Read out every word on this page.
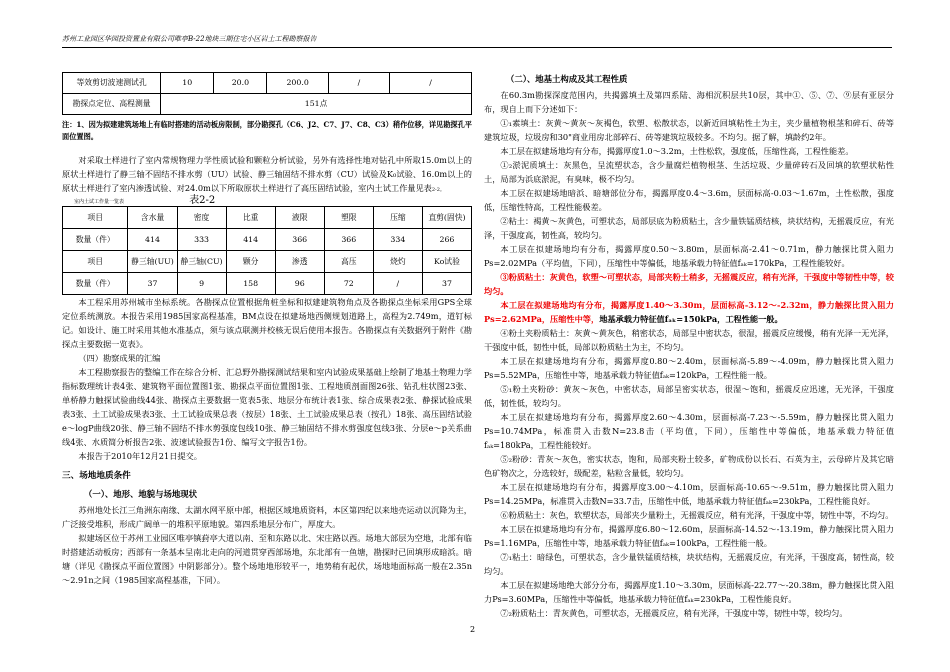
苏州工业园区华园投资置业有限公司唯亭B-22地块三期住宅小区岩土工程勘察报告
等效剪切波速测试孔	10	20.0	200.0	/	/
勘探点定位、高程测量	151点				

注：1、因为拟建建筑场地上有临时搭建的活动板房限制，部分勘探孔（C6、J2、C7、J7、C8、C3）稍作位移，详见勘探孔平面位置图。

对采取土样进行了室内常规物理力学性质试验和颗粒分析试验，另外有选择性地对钻孔中所取15.0m以上的原状土样进行了静三轴不固结不排水剪（UU）试验、静三轴固结不排水剪（CU）试验及K₀试验、16.0m以上的原状土样进行了室内渗透试验、对24.0m以下所取原状土样进行了高压固结试验，室内土试工作量见表2-2。

室内土试工作量一览表	表2-2
项目	含水量	密度	比重	液限	塑限	压缩	直剪(固快)
数量（件）	414	333	414	366	366	334	266
项目	静三轴(UU)	静三轴(CU)	颗分	渗透	高压	烧灼	Ko试验
数量（件）	37	9	158	96	72	/	37

本工程采用苏州城市坐标系统。各勘探点位置根据角桩坐标和拟建建筑物角点及各勘探点坐标采用GPS全球定位系统测放。本报告采用1985国家高程基准，BM点设在拟建场地西侧规划道路上，高程为2.749m，道钉标记。如设计、施工时采用其他水准基点，须与该点联测并校核无误后使用本报告。各勘探点有关数据列于附件《勘探点主要数据一览表》。

（四）勘察成果的汇编

本工程勘察报告的整编工作在综合分析、汇总野外勘探测试结果和室内试验成果基础上绘制了地基土物理力学指标数理统计表4张、建筑物平面位置图1张、勘探点平面位置图1张、工程地质剖面图26张、钻孔柱状图23张、单桥静力触探试验曲线44张、勘探点主要数据一览表5张、地层分布统计表1张、综合成果表2张、静探试验成果表3张、土工试验成果表3张、土工试验成果总表（按层）18张、土工试验成果总表（按孔）18张、高压固结试验e～logP曲线20张、静三轴不固结不排水剪强度包线10张、静三轴固结不排水剪强度包线3张、分层e～p关系曲线4张、水质简分析报告2张、波速试验报告1份、编写文字报告1份。

本报告于2010年12月21日提交。

三、场地地质条件
（一）、地形、地貌与场地现状

苏州地处长江三角洲东南缘、太湖水网平原中部，根据区域地质资料，本区第四纪以来地壳运动以沉降为主，广泛接受堆积，形成广阔单一的堆积平原地貌。第四系地层分布广，厚度大。

拟建场区位于苏州工业园区唯亭镇葑亭大道以南、至和东路以北、宋庄路以西。场地大部层为空地，北部有临时搭建活动板房；西部有一条基本呈南北走向的河道贯穿西部场地，东北部有一鱼塘，勘探时已回填形成暗浜。暗塘（详见《勘探点平面位置图》中阴影部分）。整个场地地形较平一，地势稍有起伏，场地地面标高一般在2.35n～2.91n之间（1985国家高程基准，下同）。

（二）、地基土构成及其工程性质

在60.3m勘探深度范围内，共揭露填土及第四系陆、海相沉积层共10层，其中①、⑤、⑦、⑨层有亚层分布，现自上而下分述如下：

①₁素填土：灰黄～黄灰～灰褐色，软塑、松散状态，以新近回填粘性土为主，夹少量植物根茎和碎石、砖等建筑垃圾，垃圾房和30"商业用房北部碎石、砖等建筑垃圾较多。不均匀。据了解，填龄约2年。

本工层在拟建场地均有分布，揭露厚度1.0～3.2m，土性松软，强度低，压缩性高，工程性能差。

①₂淤泥质填土：灰黑色，呈流塑状态，含少量腐烂植物根茎、生活垃圾、少量碎砖石及回填的软塑状粘性土，局部为浜底淤泥，有臭味，极不均匀。

本工层在拟建场地暗浜、暗塘部位分布，揭露厚度0.4～3.6m，层面标高-0.03～1.67m，土性松散，强度低，压缩性特高，工程性能极差。

②粘土：褐黄～灰黄色，可塑状态，局部层底为粉质粘土，含少量铁锰质结核，块状结构，无摇震反应，有光泽，干强度高，韧性高，较均匀。

本工层在拟建场地均有分布，揭露厚度0.50～3.80m，层面标高-2.41～0.71m，静力触探比贯入阻力Ps=2.02MPa（平均值，下同），压缩性中等偏低，地基承载力特征值fₐₖ=170kPa，工程性能较好。

③粉质粘土：灰黄色，软塑～可塑状态，局部夹粉土稍多，无摇震反应，稍有光泽，干强度中等韧性中等，较均匀。

本工层在拟建场地均有分布，揭露厚度1.40～3.30m，层面标高-3.12～-2.32m，静力触探比贯入阻力Ps=2.62MPa，压缩性中等，地基承载力特征值fₐₖ=150kPa，工程性能一般。

④粉土夹粉质粘土：灰黄～黄灰色，稍密状态，局部呈中密状态，很湿，摇震反应缓慢，稍有光泽一无光泽，干强度中低，韧性中低，局部以粉质粘土为主，不均匀。

本工层在拟建场地均有分布，揭露厚度0.80～2.40m，层面标高-5.89～-4.09m，静力触探比贯入阻力Ps=5.52MPa，压缩性中等，地基承载力特征值fₐₖ=120kPa，工程性能一般。

⑤₁粉土夹粉砂：黄灰～灰色，中密状态，局部呈密实状态，很湿～饱和，摇震反应迅速，无光泽，干强度低，韧性低，较均匀。

本工层在拟建场地均有分布，揭露厚度2.60～4.30m，层面标高-7.23～-5.59m，静力触探比贯入阻力Ps=10.74MPa，标准贯入击数N=23.8击（平均值，下同），压缩性中等偏低，地基承载力特征值fₐₖ=180kPa，工程性能较好。

⑤₂粉砂：青灰～灰色，密实状态，饱和，局部夹粉土较多，矿物成份以长石、石英为主，云母碎片及其它暗色矿物次之，分选较好，级配差，粘粒含量低，较均匀。

本工层在拟建场地均有分布，揭露厚度3.00～4.10m，层面标高-10.65～-9.51m，静力触探比贯入阻力Ps=14.25MPa，标准贯入击数N=33.7击，压缩性中低，地基承载力特征值fₐₖ=230kPa，工程性能良好。

⑥粉质粘土：灰色，软塑状态，局部夹少量粉土，无摇震反应，稍有光泽，干强度中等，韧性中等，不均匀。

本工层在拟建场地均有分布，揭露厚度6.80～12.60m，层面标高-14.52～-13.19m，静力触探比贯入阻力Ps=1.16MPa，压缩性中等，地基承载力特征值fₐₖ=100kPa，工程性能一般。

⑦₁粘土：暗绿色，可塑状态，含少量铁锰质结核，块状结构，无摇震反应，有光泽，干强度高，韧性高，较均匀。

本工层在拟建场地绝大部分分布，揭露厚度1.10～3.30m，层面标高-22.77～-20.38m，静力触探比贯入阻力Ps=3.60MPa，压缩性中等偏低，地基承载力特征值fₐₖ=230kPa，工程性能良好。

⑦₂粉质粘土：青灰黄色，可塑状态，无摇震反应，稍有光泽，干强度中等，韧性中等，较均匀。

2
